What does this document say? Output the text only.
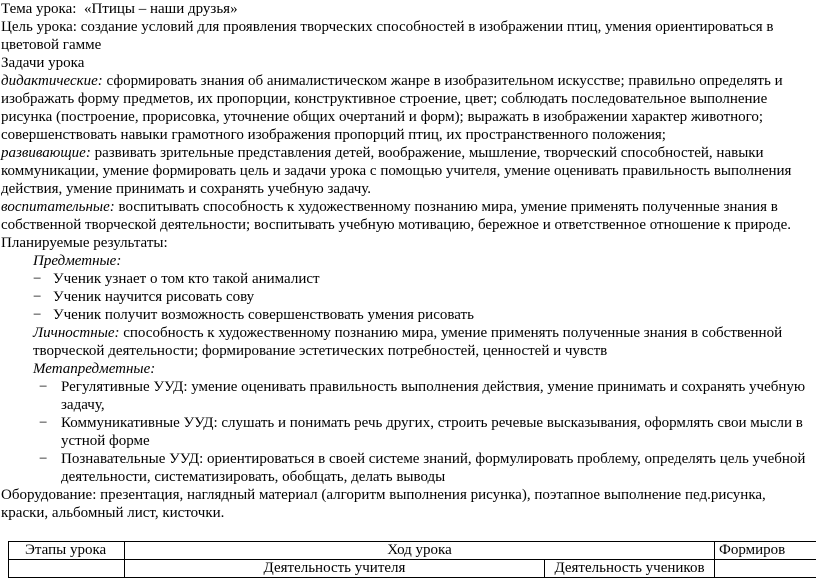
Тема урока: «Птицы – наши друзья»

Цель урока: создание условий для проявления творческих способностей в изображении птиц, умения ориентироваться в цветовой гамме

Задачи урока

дидактические: сформировать знания об анималистическом жанре в изобразительном искусстве; правильно определять и изображать форму предметов, их пропорции, конструктивное строение, цвет; соблюдать последовательное выполнение рисунка (построение, прорисовка, уточнение общих очертаний и форм); выражать в изображении характер животного; совершенствовать навыки грамотного изображения пропорций птиц, их пространственного положения;

развивающие: развивать зрительные представления детей, воображение, мышление, творческий способностей, навыки коммуникации, умение формировать цель и задачи урока с помощью учителя, умение оценивать правильность выполнения действия, умение принимать и сохранять учебную задачу.

воспитательные: воспитывать способность к художественному познанию мира, умение применять полученные знания в собственной творческой деятельности; воспитывать учебную мотивацию, бережное и ответственное отношение к природе.

Планируемые результаты:

Предметные:

− Ученик узнает о том кто такой анималист
− Ученик научится рисовать сову
− Ученик получит возможность совершенствовать умения рисовать

Личностные: способность к художественному познанию мира, умение применять полученные знания в собственной творческой деятельности; формирование эстетических потребностей, ценностей и чувств

Метапредметные:

− Регулятивные УУД: умение оценивать правильность выполнения действия, умение принимать и сохранять учебную задачу,
− Коммуникативные УУД: слушать и понимать речь других, строить речевые высказывания, оформлять свои мысли в устной форме
− Познавательные УУД: ориентироваться в своей системе знаний, формулировать проблему, определять цель учебной деятельности, систематизировать, обобщать, делать выводы

Оборудование: презентация, наглядный материал (алгоритм выполнения рисунка), поэтапное выполнение пед.рисунка, краски, альбомный лист, кисточки.

Этапы урока	Ход урока		Формиров
	Деятельность учителя	Деятельность учеников	
